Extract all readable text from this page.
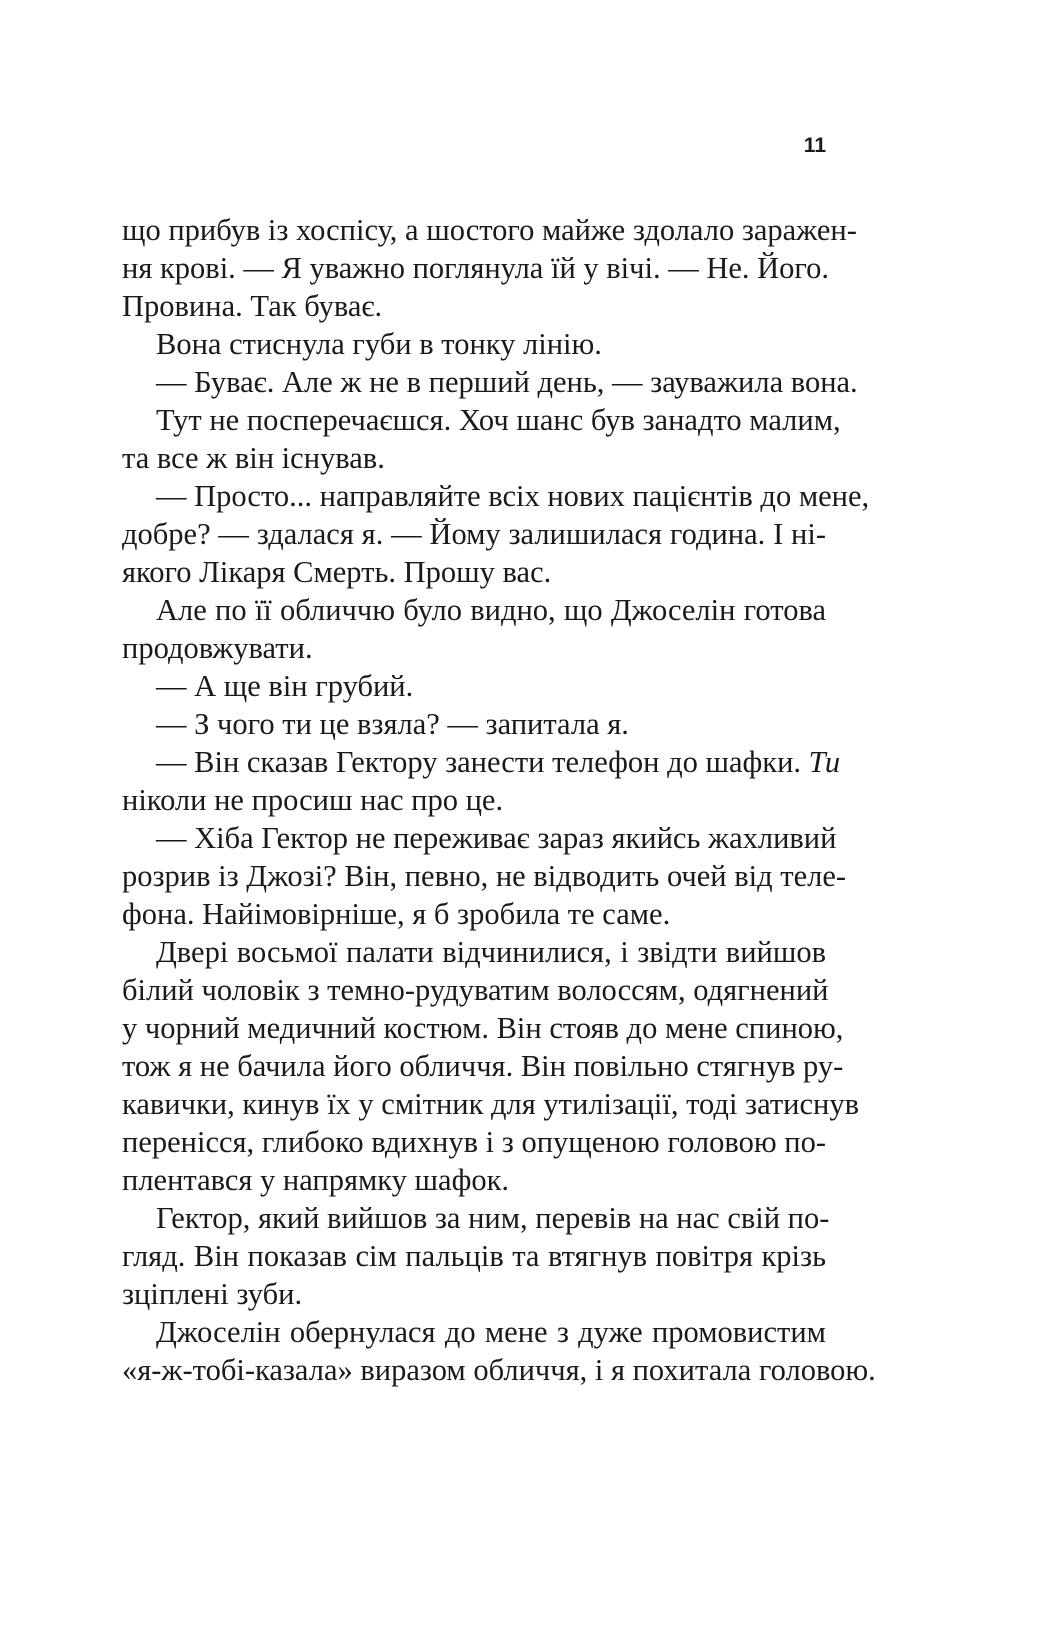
11
що прибув із хоспісу, а шостого майже здолало заражен-
ня крові. — Я уважно поглянула їй у вічі. — Не. Його.
Провина. Так буває.
Вона стиснула губи в тонку лінію.
— Буває. Але ж не в перший день, — зауважила вона.
Тут не посперечаєшся. Хоч шанс був занадто малим,
та все ж він існував.
— Просто... направляйте всіх нових пацієнтів до мене,
добре? — здалася я. — Йому залишилася година. І ні-
якого Лікаря Смерть. Прошу вас.
Але по її обличчю було видно, що Джоселін готова
продовжувати.
— А ще він грубий.
— З чого ти це взяла? — запитала я.
— Він сказав Гектору занести телефон до шафки. Ти
ніколи не просиш нас про це.
— Хіба Гектор не переживає зараз якийсь жахливий
розрив із Джозі? Він, певно, не відводить очей від теле-
фона. Найімовірніше, я б зробила те саме.
Двері восьмої палати відчинилися, і звідти вийшов
білий чоловік з темно-рудуватим волоссям, одягнений
у чорний медичний костюм. Він стояв до мене спиною,
тож я не бачила його обличчя. Він повільно стягнув ру-
кавички, кинув їх у смітник для утилізації, тоді затиснув
перенісся, глибоко вдихнув і з опущеною головою по-
плентався у напрямку шафок.
Гектор, який вийшов за ним, перевів на нас свій по-
гляд. Він показав сім пальців та втягнув повітря крізь
зціплені зуби.
Джоселін обернулася до мене з дуже промовистим
«я-ж-тобі-казала» виразом обличчя, і я похитала головою.
